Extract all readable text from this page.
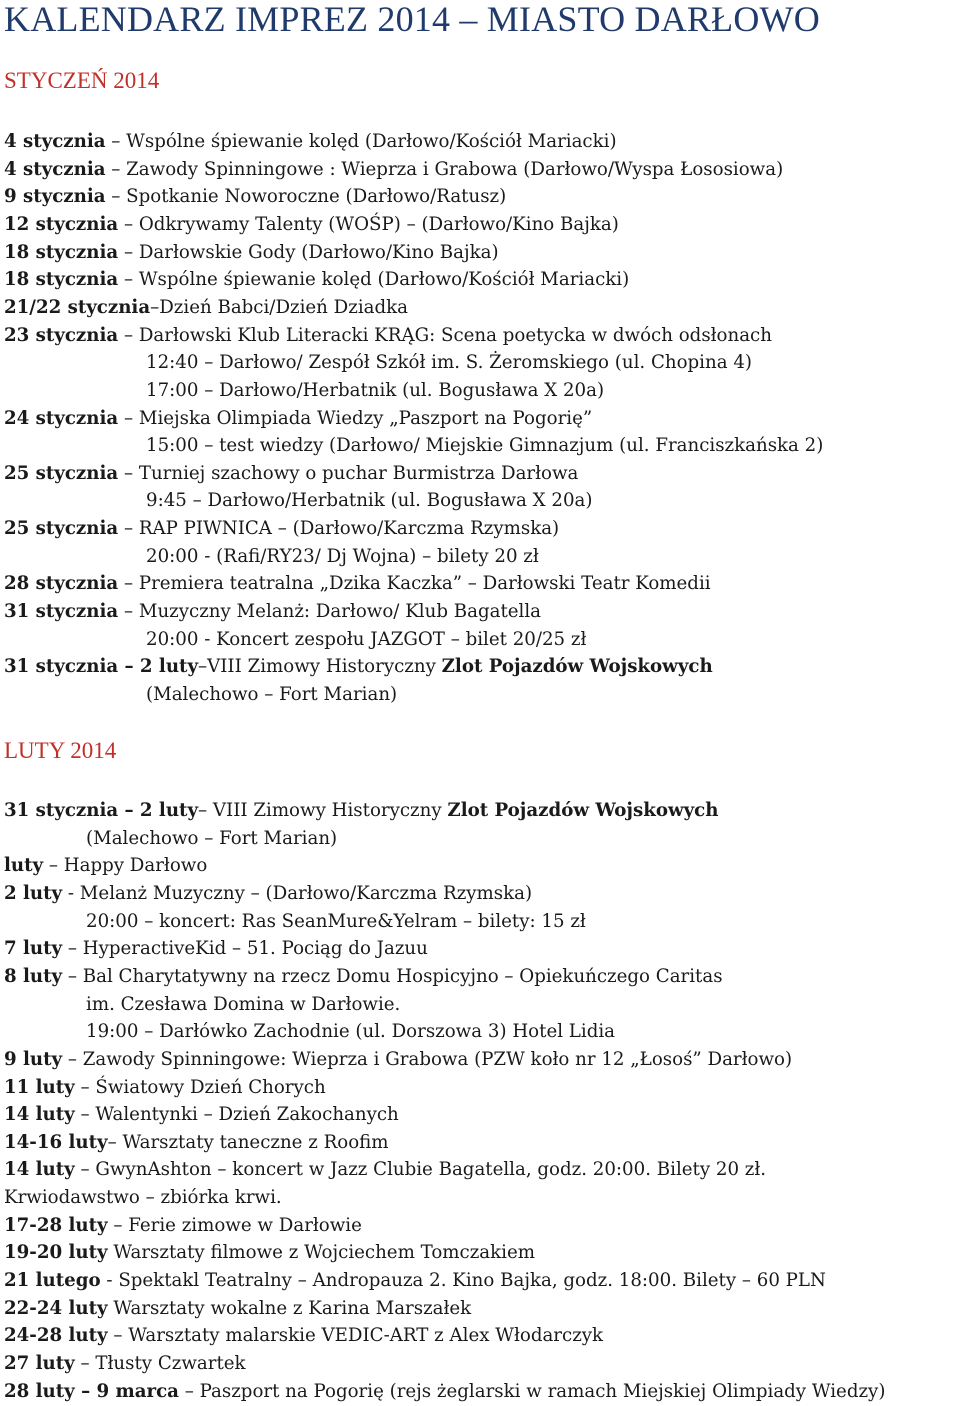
KALENDARZ IMPREZ 2014 – MIASTO DARŁOWO
STYCZEŃ 2014
4 stycznia – Wspólne śpiewanie kolęd (Darłowo/Kościół Mariacki)
4 stycznia – Zawody Spinningowe : Wieprza i Grabowa (Darłowo/Wyspa Łososiowa)
9 stycznia – Spotkanie Noworoczne (Darłowo/Ratusz)
12 stycznia – Odkrywamy Talenty (WOŚP) – (Darłowo/Kino Bajka)
18 stycznia – Darłowskie Gody (Darłowo/Kino Bajka)
18 stycznia – Wspólne śpiewanie kolęd (Darłowo/Kościół Mariacki)
21/22 stycznia–Dzień Babci/Dzień Dziadka
23 stycznia – Darłowski Klub Literacki KRĄG: Scena poetycka w dwóch odsłonach
12:40 – Darłowo/ Zespół Szkół im. S. Żeromskiego (ul. Chopina 4)
17:00 – Darłowo/Herbatnik (ul. Bogusława X 20a)
24 stycznia – Miejska Olimpiada Wiedzy „Paszport na Pogorię”
15:00 – test wiedzy (Darłowo/ Miejskie Gimnazjum (ul. Franciszkańska 2)
25 stycznia – Turniej szachowy o puchar Burmistrza Darłowa
9:45 – Darłowo/Herbatnik (ul. Bogusława X 20a)
25 stycznia – RAP PIWNICA – (Darłowo/Karczma Rzymska)
20:00 - (Rafi/RY23/ Dj Wojna) – bilety 20 zł
28 stycznia – Premiera teatralna „Dzika Kaczka” – Darłowski Teatr Komedii
31 stycznia – Muzyczny Melanż: Darłowo/ Klub Bagatella
20:00 - Koncert zespołu JAZGOT – bilet 20/25 zł
31 stycznia – 2 luty–VIII Zimowy Historyczny Zlot Pojazdów Wojskowych
(Malechowo – Fort Marian)
LUTY 2014
31 stycznia – 2 luty– VIII Zimowy Historyczny Zlot Pojazdów Wojskowych
(Malechowo – Fort Marian)
luty – Happy Darłowo
2 luty - Melanż Muzyczny – (Darłowo/Karczma Rzymska)
20:00 – koncert: Ras SeanMure&Yelram – bilety: 15 zł
7 luty – HyperactiveKid – 51. Pociąg do Jazuu
8 luty – Bal Charytatywny na rzecz Domu Hospicyjno – Opiekuńczego Caritas
im. Czesława Domina w Darłowie.
19:00 – Darłówko Zachodnie (ul. Dorszowa 3) Hotel Lidia
9 luty – Zawody Spinningowe: Wieprza i Grabowa (PZW koło nr 12 „Łosoś” Darłowo)
11 luty – Światowy Dzień Chorych
14 luty – Walentynki – Dzień Zakochanych
14-16 luty– Warsztaty taneczne z Roofim
14 luty – GwynAshton – koncert w Jazz Clubie Bagatella, godz. 20:00. Bilety 20 zł.
Krwiodawstwo – zbiórka krwi.
17-28 luty – Ferie zimowe w Darłowie
19-20 luty Warsztaty filmowe z Wojciechem Tomczakiem
21 lutego - Spektakl Teatralny – Andropauza 2. Kino Bajka, godz. 18:00. Bilety – 60 PLN
22-24 luty Warsztaty wokalne z Karina Marszałek
24-28 luty – Warsztaty malarskie VEDIC-ART z Alex Włodarczyk
27 luty – Tłusty Czwartek
28 luty – 9 marca – Paszport na Pogorię (rejs żeglarski w ramach Miejskiej Olimpiady Wiedzy)
